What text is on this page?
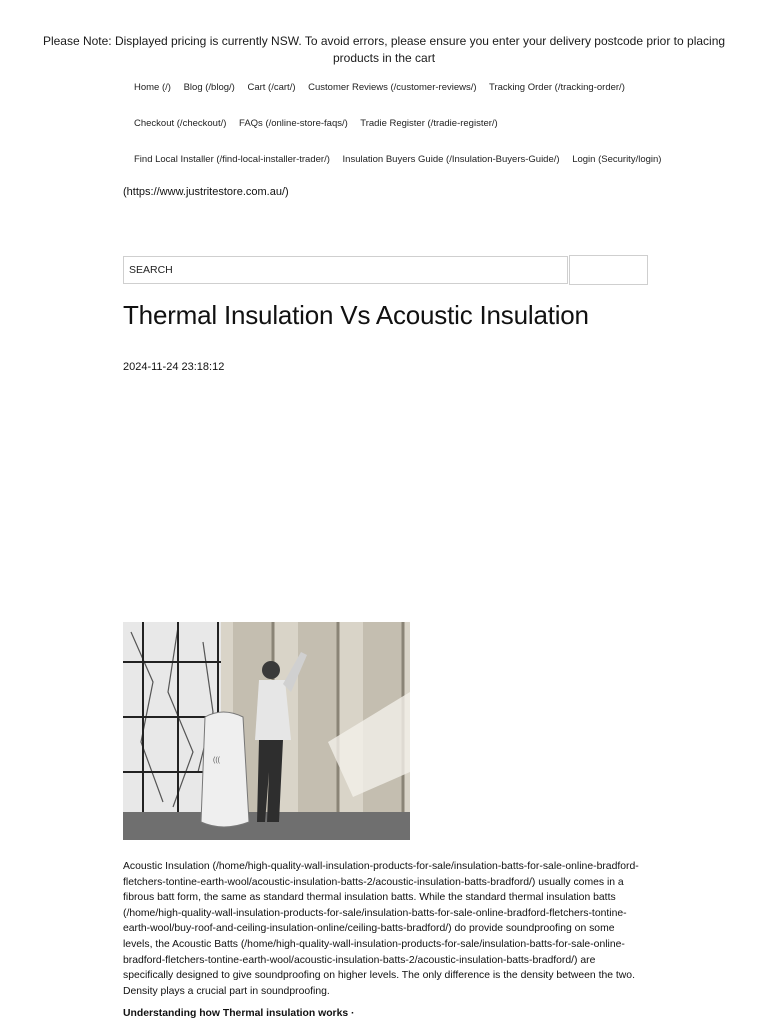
Please Note: Displayed pricing is currently NSW. To avoid errors, please ensure you enter your delivery postcode prior to placing products in the cart
Home (/) Blog (/blog/) Cart (/cart/) Customer Reviews (/customer-reviews/) Tracking Order (/tracking-order/)
Checkout (/checkout/) FAQs (/online-store-faqs/) Tradie Register (/tradie-register/)
Find Local Installer (/find-local-installer-trader/) Insulation Buyers Guide (/Insulation-Buyers-Guide/) Login (Security/login)
(https://www.justritestore.com.au/)
SEARCH
Thermal Insulation Vs Acoustic Insulation
2024-11-24 23:18:12
(((

Acoustic Insulation (/home/high-quality-wall-insulation-products-for-sale/insulation-batts-for-sale-online-bradford-fletchers-tontine-earth-wool/acoustic-insulation-batts-2/acoustic-insulation-batts-bradford/) usually comes in a fibrous batt form, the same as standard thermal insulation batts. While the standard thermal insulation batts (/home/high-quality-wall-insulation-products-for-sale/insulation-batts-for-sale-online-bradford-fletchers-tontine-earth-wool/buy-roof-and-ceiling-insulation-online/ceiling-batts-bradford/) do provide soundproofing on some levels, the Acoustic Batts (/home/high-quality-wall-insulation-products-for-sale/insulation-batts-for-sale-online-bradford-fletchers-tontine-earth-wool/acoustic-insulation-batts-2/acoustic-insulation-batts-bradford/) are specifically designed to give soundproofing on higher levels. The only difference is the density between the two. Density plays a crucial part in soundproofing.

Understanding how Thermal insulation works ·
